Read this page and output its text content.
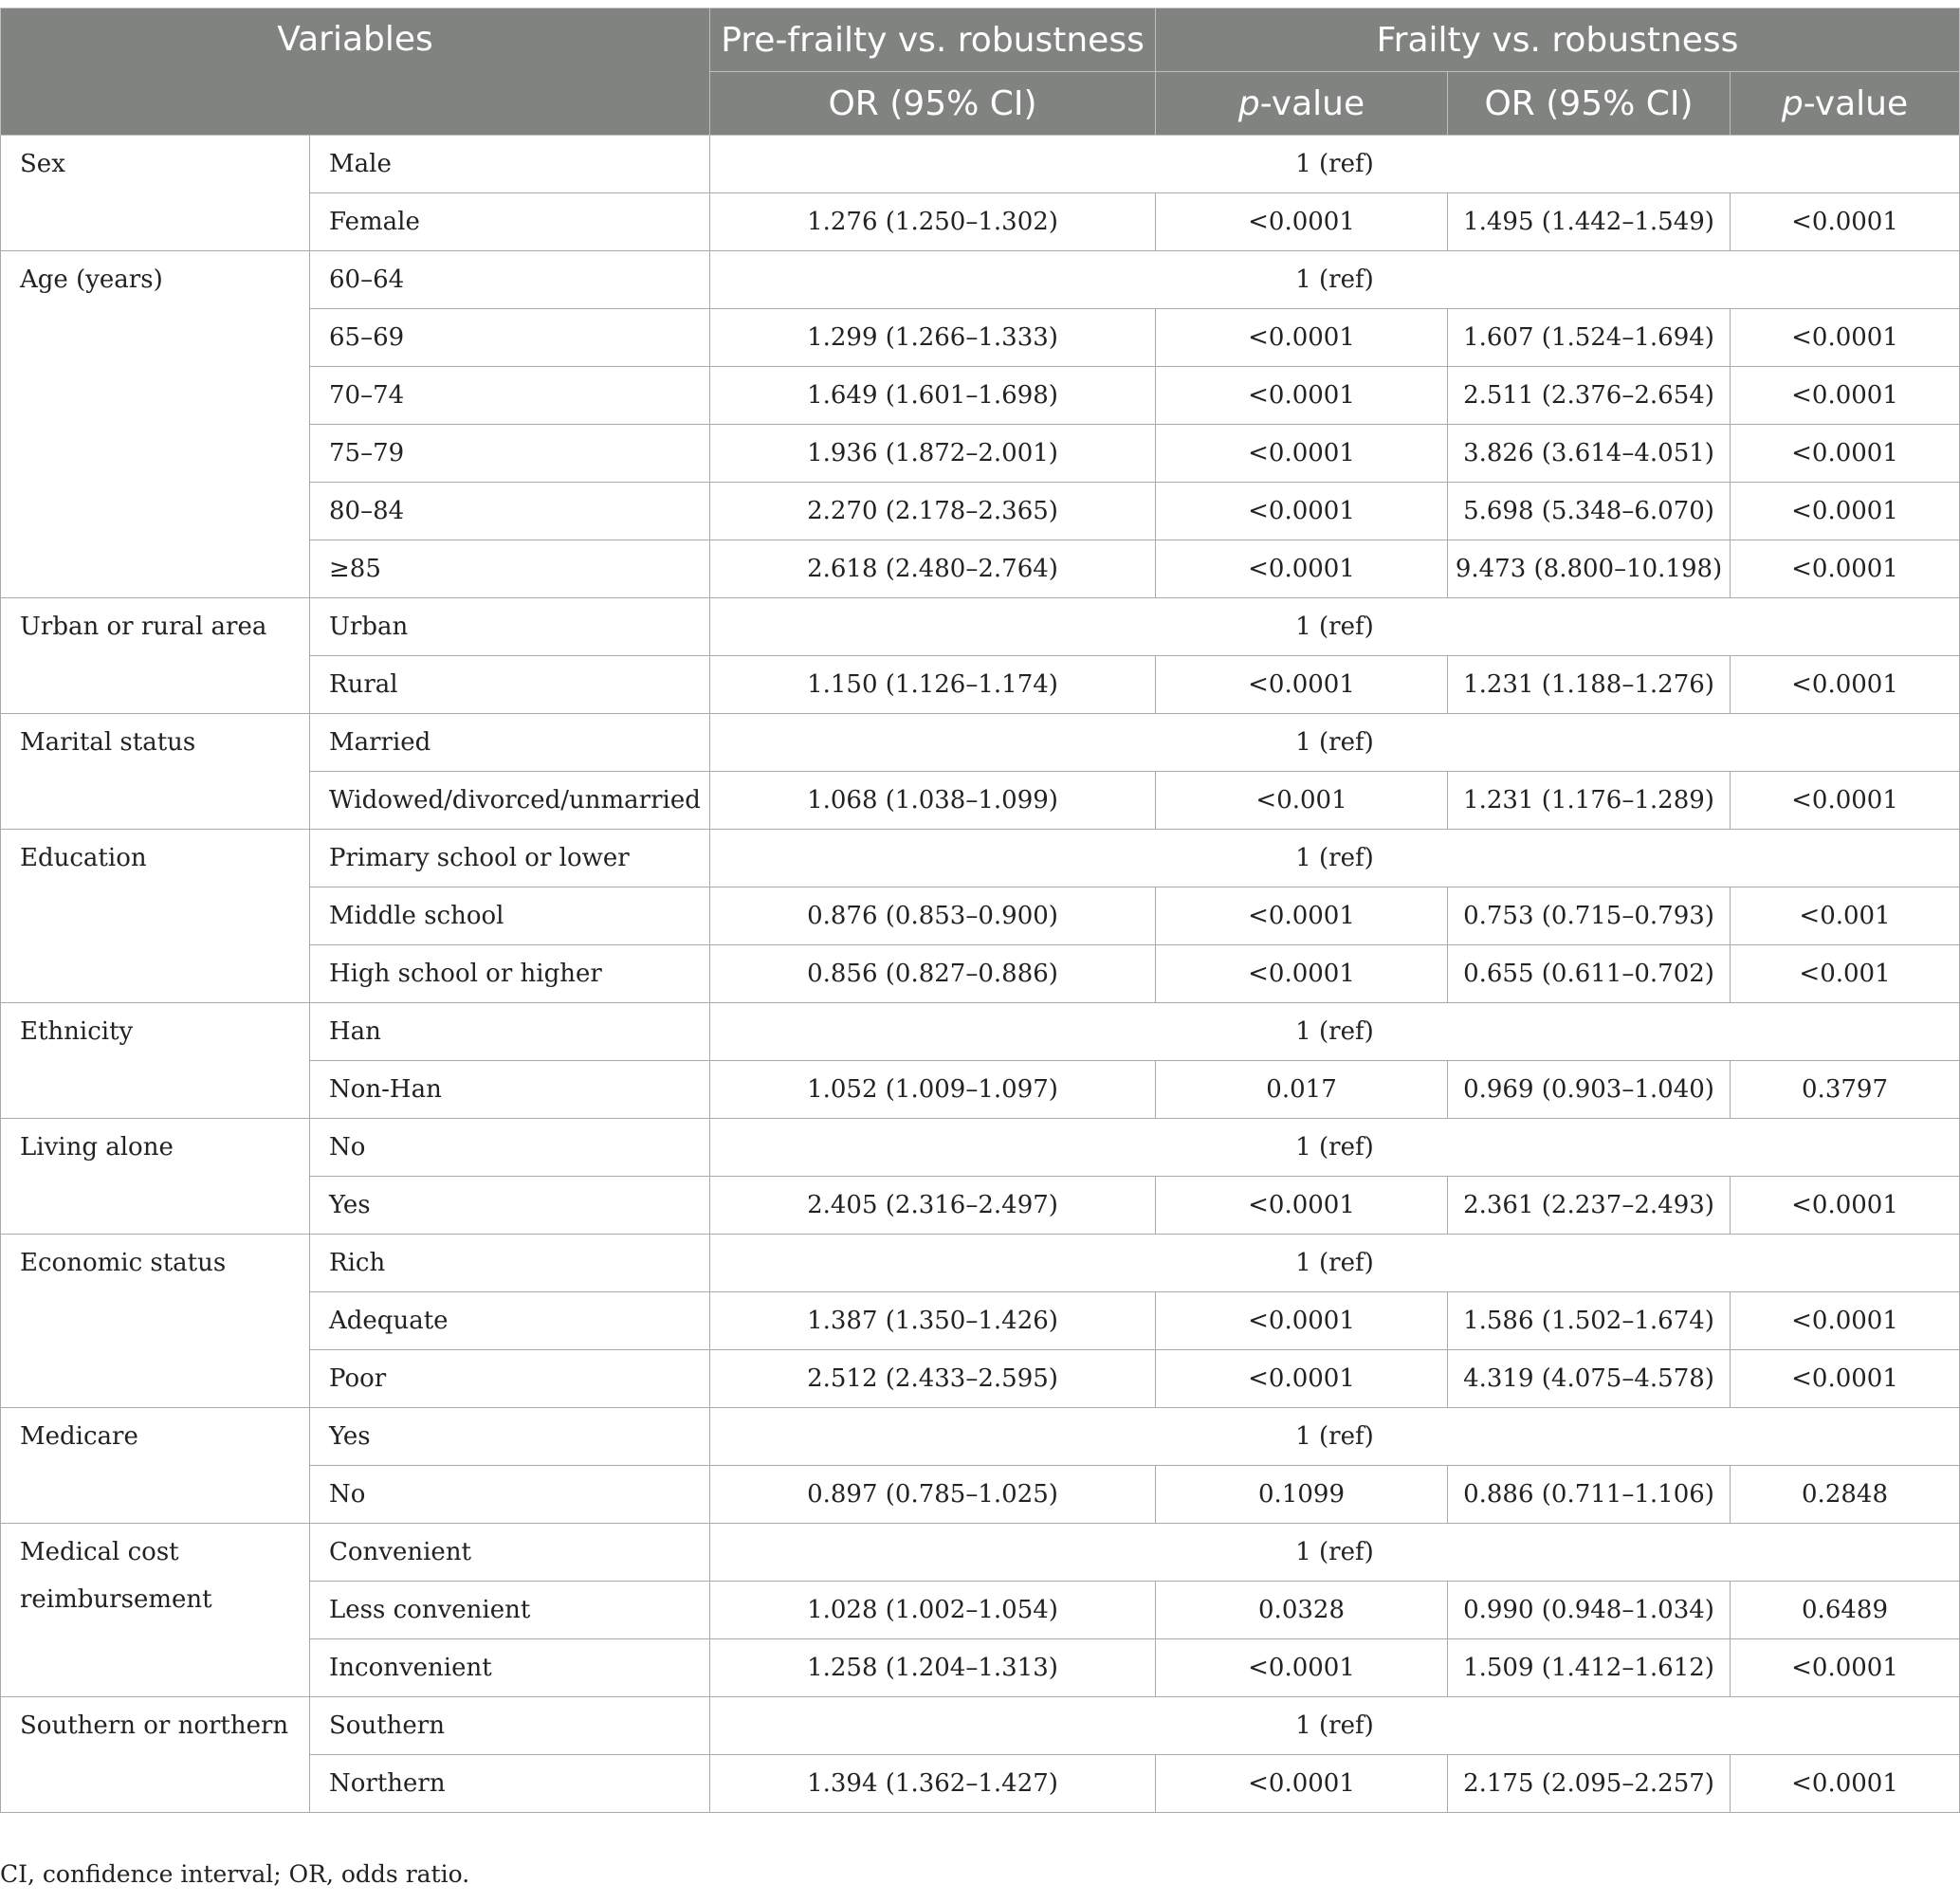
Variables		Pre-frailty vs. robustness	Frailty vs. robustness		
		OR (95% CI)	p-value	OR (95% CI)	p-value
Sex	Male	1 (ref)			
	Female	1.276 (1.250–1.302)	<0.0001	1.495 (1.442–1.549)	<0.0001
Age (years)	60–64	1 (ref)			
	65–69	1.299 (1.266–1.333)	<0.0001	1.607 (1.524–1.694)	<0.0001
	70–74	1.649 (1.601–1.698)	<0.0001	2.511 (2.376–2.654)	<0.0001
	75–79	1.936 (1.872–2.001)	<0.0001	3.826 (3.614–4.051)	<0.0001
	80–84	2.270 (2.178–2.365)	<0.0001	5.698 (5.348–6.070)	<0.0001
	≥85	2.618 (2.480–2.764)	<0.0001	9.473 (8.800–10.198)	<0.0001
Urban or rural area	Urban	1 (ref)			
	Rural	1.150 (1.126–1.174)	<0.0001	1.231 (1.188–1.276)	<0.0001
Marital status	Married	1 (ref)			
	Widowed/divorced/unmarried	1.068 (1.038–1.099)	<0.001	1.231 (1.176–1.289)	<0.0001
Education	Primary school or lower	1 (ref)			
	Middle school	0.876 (0.853–0.900)	<0.0001	0.753 (0.715–0.793)	<0.001
	High school or higher	0.856 (0.827–0.886)	<0.0001	0.655 (0.611–0.702)	<0.001
Ethnicity	Han	1 (ref)			
	Non-Han	1.052 (1.009–1.097)	0.017	0.969 (0.903–1.040)	0.3797
Living alone	No	1 (ref)			
	Yes	2.405 (2.316–2.497)	<0.0001	2.361 (2.237–2.493)	<0.0001
Economic status	Rich	1 (ref)			
	Adequate	1.387 (1.350–1.426)	<0.0001	1.586 (1.502–1.674)	<0.0001
	Poor	2.512 (2.433–2.595)	<0.0001	4.319 (4.075–4.578)	<0.0001
Medicare	Yes	1 (ref)			
	No	0.897 (0.785–1.025)	0.1099	0.886 (0.711–1.106)	0.2848
Medical cost reimbursement	Convenient	1 (ref)			
	Less convenient	1.028 (1.002–1.054)	0.0328	0.990 (0.948–1.034)	0.6489
	Inconvenient	1.258 (1.204–1.313)	<0.0001	1.509 (1.412–1.612)	<0.0001
Southern or northern	Southern	1 (ref)			
	Northern	1.394 (1.362–1.427)	<0.0001	2.175 (2.095–2.257)	<0.0001
CI, confidence interval; OR, odds ratio.
